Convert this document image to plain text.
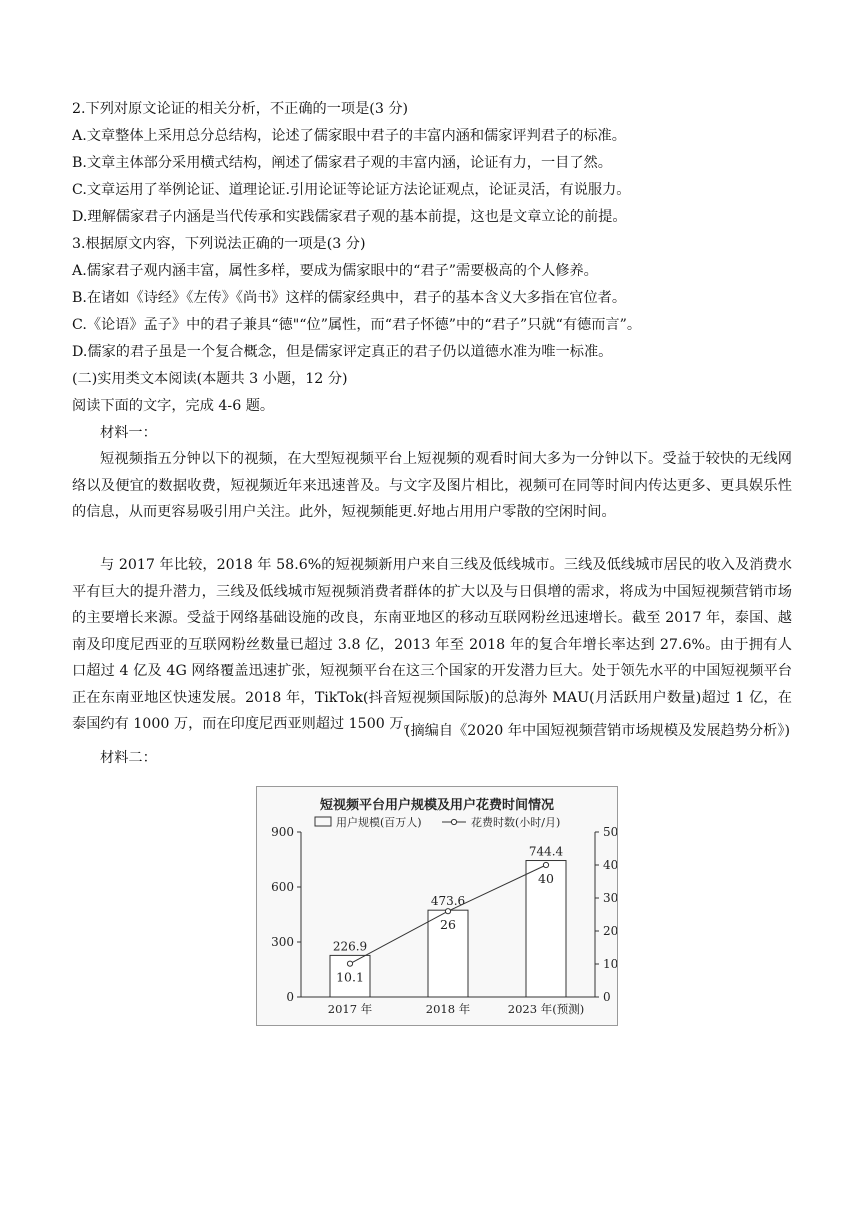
2.下列对原文论证的相关分析，不正确的一项是(3 分)
A.文章整体上采用总分总结构，论述了儒家眼中君子的丰富内涵和儒家评判君子的标准。
B.文章主体部分采用横式结构，阐述了儒家君子观的丰富内涵，论证有力，一目了然。
C.文章运用了举例论证、道理论证.引用论证等论证方法论证观点，论证灵活，有说服力。
D.理解儒家君子内涵是当代传承和实践儒家君子观的基本前提，这也是文章立论的前提。
3.根据原文内容，下列说法正确的一项是(3 分)
A.儒家君子观内涵丰富，属性多样，要成为儒家眼中的“君子”需要极高的个人修养。
B.在诸如《诗经》《左传》《尚书》这样的儒家经典中，君子的基本含义大多指在官位者。
C.《论语》孟子》中的君子兼具“德"“位”属性，而“君子怀德”中的“君子”只就“有德而言”。
D.儒家的君子虽是一个复合概念，但是儒家评定真正的君子仍以道德水准为唯一标准。
(二)实用类文本阅读(本题共 3 小题，12 分)
阅读下面的文字，完成 4-6 题。
材料一：
短视频指五分钟以下的视频，在大型短视频平台上短视频的观看时间大多为一分钟以下。受益于较快的无线网络以及便宜的数据收费，短视频近年来迅速普及。与文字及图片相比，视频可在同等时间内传达更多、更具娱乐性的信息，从而更容易吸引用户关注。此外，短视频能更.好地占用用户零散的空闲时间。
与 2017 年比较，2018 年 58.6%的短视频新用户来自三线及低线城市。三线及低线城市居民的收入及消费水平有巨大的提升潜力，三线及低线城市短视频消费者群体的扩大以及与日俱增的需求，将成为中国短视频营销市场的主要增长来源。受益于网络基础设施的改良，东南亚地区的移动互联网粉丝迅速增长。截至 2017 年，泰国、越南及印度尼西亚的互联网粉丝数量已超过 3.8 亿，2013 年至 2018 年的复合年增长率达到 27.6%。由于拥有人口超过 4 亿及 4G 网络覆盖迅速扩张，短视频平台在这三个国家的开发潜力巨大。处于领先水平的中国短视频平台正在东南亚地区快速发展。2018 年，TikTok(抖音短视频国际版)的总海外 MAU(月活跃用户数量)超过 1 亿，在泰国约有 1000 万，而在印度尼西亚则超过 1500 万。
(摘编自《2020 年中国短视频营销市场规模及发展趋势分析》)
材料二：
短视频平台用户规模及用户花费时间情况
用户规模(百万人)	花费时数(小时/月)
0
300
600
900
0
10
20
30
40
50
226.9
2017 年
473.6
2018 年
744.4
2023 年(预测)
10.1
26
40
